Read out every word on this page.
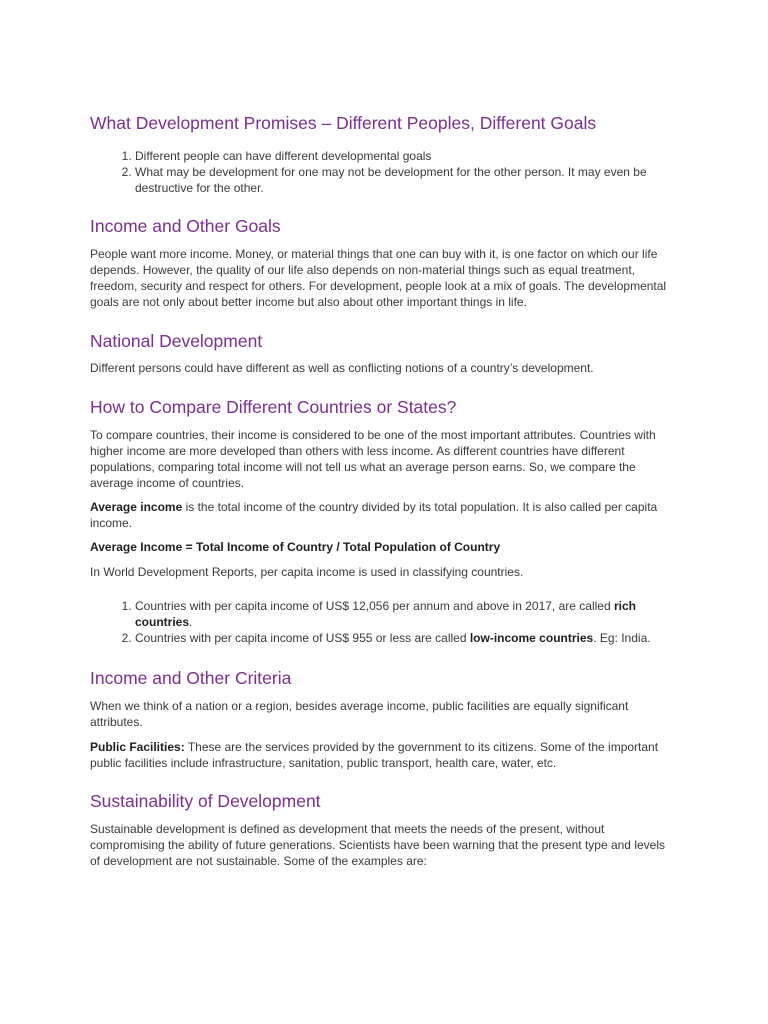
What Development Promises – Different Peoples, Different Goals
1. Different people can have different developmental goals
2. What may be development for one may not be development for the other person. It may even be destructive for the other.
Income and Other Goals

People want more income. Money, or material things that one can buy with it, is one factor on which our life depends. However, the quality of our life also depends on non-material things such as equal treatment, freedom, security and respect for others. For development, people look at a mix of goals. The developmental goals are not only about better income but also about other important things in life.

National Development

Different persons could have different as well as conflicting notions of a country’s development.

How to Compare Different Countries or States?

To compare countries, their income is considered to be one of the most important attributes. Countries with higher income are more developed than others with less income. As different countries have different populations, comparing total income will not tell us what an average person earns. So, we compare the average income of countries.

Average income is the total income of the country divided by its total population. It is also called per capita income.

Average Income = Total Income of Country / Total Population of Country

In World Development Reports, per capita income is used in classifying countries.

1. Countries with per capita income of US$ 12,056 per annum and above in 2017, are called rich countries.
2. Countries with per capita income of US$ 955 or less are called low-income countries. Eg: India.
Income and Other Criteria

When we think of a nation or a region, besides average income, public facilities are equally significant attributes.

Public Facilities: These are the services provided by the government to its citizens. Some of the important public facilities include infrastructure, sanitation, public transport, health care, water, etc.

Sustainability of Development

Sustainable development is defined as development that meets the needs of the present, without compromising the ability of future generations. Scientists have been warning that the present type and levels of development are not sustainable. Some of the examples are:
